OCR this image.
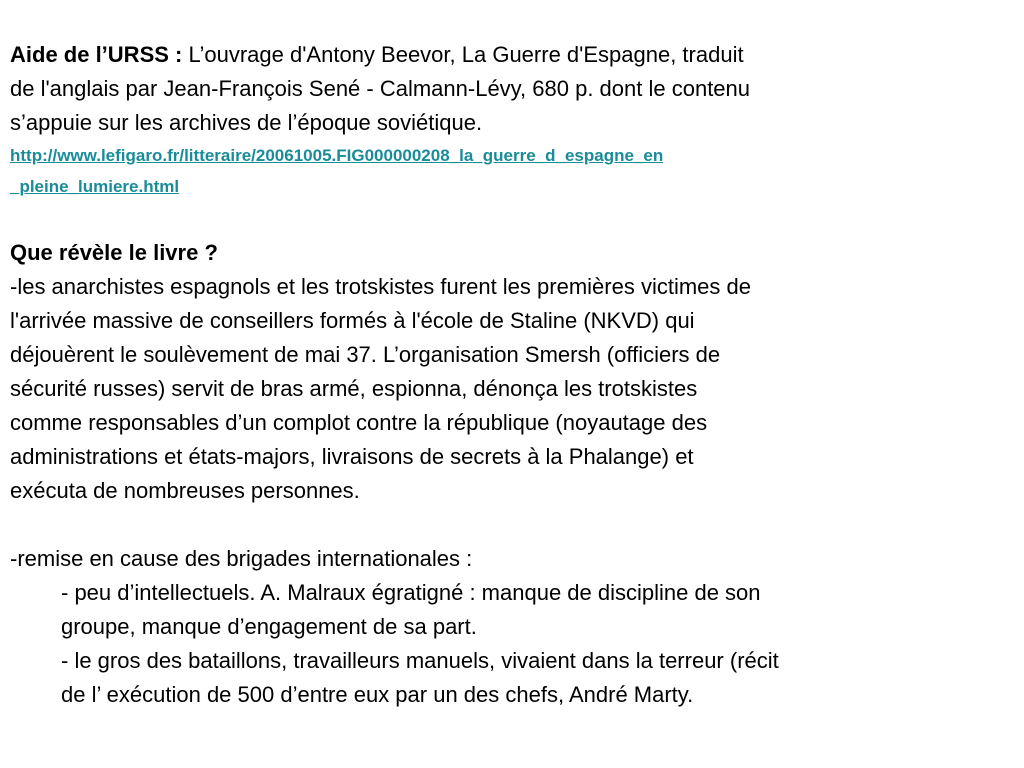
Aide de l’URSS : L’ouvrage d'Antony Beevor, La Guerre d'Espagne, traduit
de l'anglais par Jean-François Sené - Calmann-Lévy, 680 p. dont le contenu
s’appuie sur les archives de l’époque soviétique.
http://www.lefigaro.fr/litteraire/20061005.FIG000000208_la_guerre_d_espagne_en
_pleine_lumiere.html
Que révèle le livre ?
-les anarchistes espagnols et les trotskistes furent les premières victimes de
l'arrivée massive de conseillers formés à l'école de Staline (NKVD) qui
déjouèrent le soulèvement de mai 37. L’organisation Smersh (officiers de
sécurité russes) servit de bras armé, espionna, dénonça les trotskistes
comme responsables d’un complot contre la république (noyautage des
administrations et états-majors, livraisons de secrets à la Phalange) et
exécuta de nombreuses personnes.
-remise en cause des brigades internationales :
- peu d’intellectuels. A. Malraux égratigné : manque de discipline de son
groupe, manque d’engagement de sa part.
- le gros des bataillons, travailleurs manuels, vivaient dans la terreur (récit
de l’ exécution de 500 d’entre eux par un des chefs, André Marty.
